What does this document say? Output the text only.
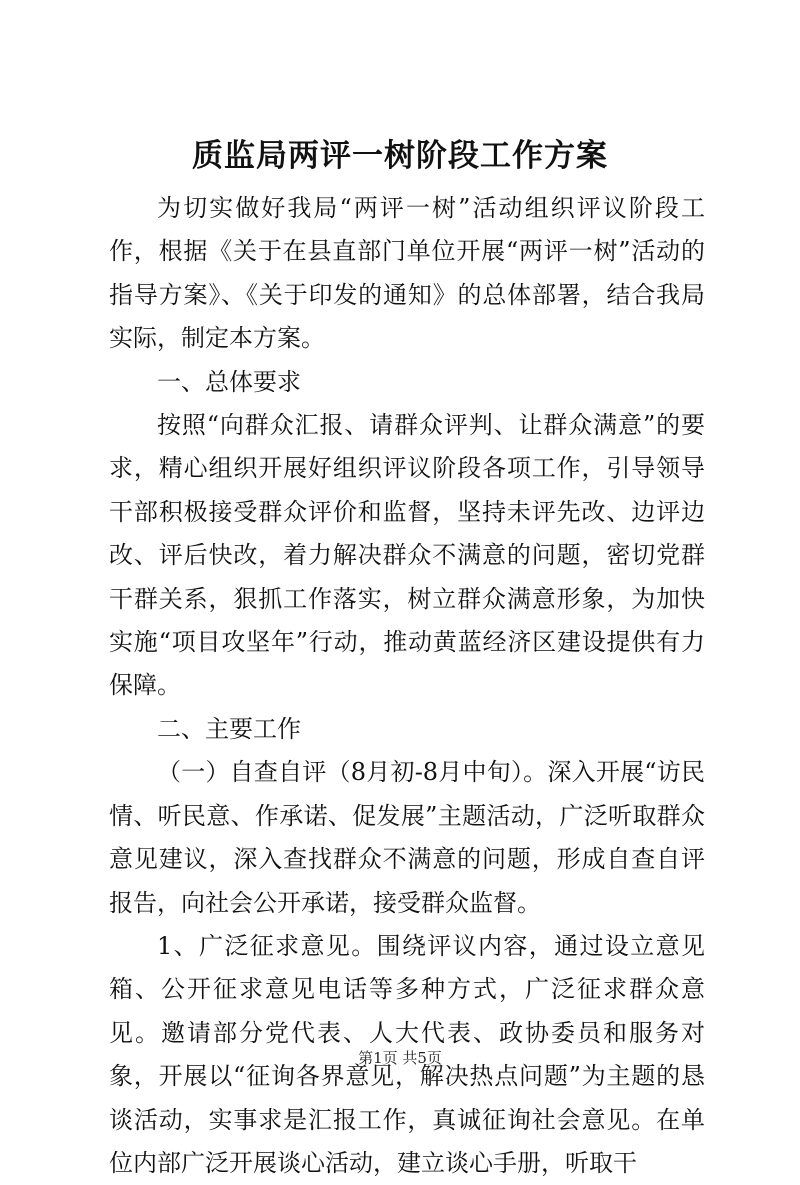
质监局两评一树阶段工作方案

为切实做好我局“两评一树”活动组织评议阶段工作，根据《关于在县直部门单位开展“两评一树”活动的指导方案》、《关于印发的通知》的总体部署，结合我局实际，制定本方案。

一、总体要求

按照“向群众汇报、请群众评判、让群众满意”的要求，精心组织开展好组织评议阶段各项工作，引导领导干部积极接受群众评价和监督，坚持未评先改、边评边改、评后快改，着力解决群众不满意的问题，密切党群干群关系，狠抓工作落实，树立群众满意形象，为加快实施“项目攻坚年”行动，推动黄蓝经济区建设提供有力保障。

二、主要工作

（一）自查自评（8月初-8月中旬）。深入开展“访民情、听民意、作承诺、促发展”主题活动，广泛听取群众意见建议，深入查找群众不满意的问题，形成自查自评报告，向社会公开承诺，接受群众监督。

1、广泛征求意见。围绕评议内容，通过设立意见箱、公开征求意见电话等多种方式，广泛征求群众意见。邀请部分党代表、人大代表、政协委员和服务对象，开展以“征询各界意见，解决热点问题”为主题的恳谈活动，实事求是汇报工作，真诚征询社会意见。在单位内部广泛开展谈心活动，建立谈心手册，听取干

第1页 共5页
